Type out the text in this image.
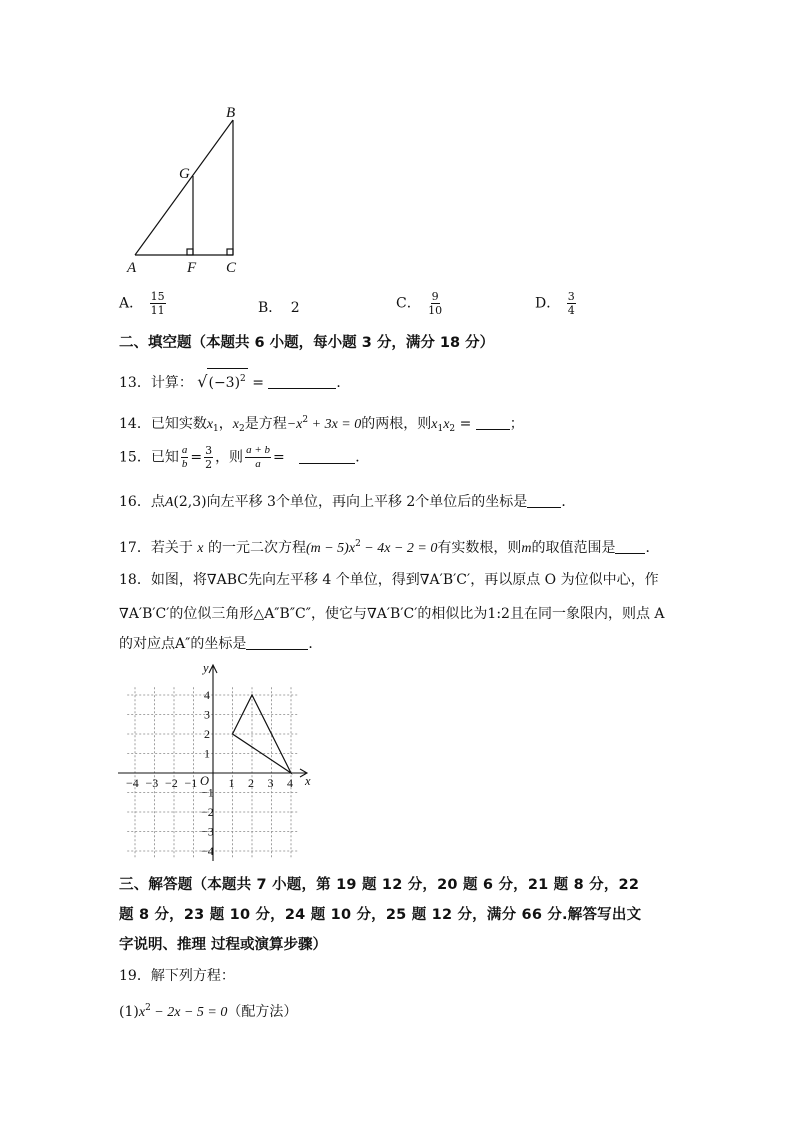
B
G
A	F C
A． $\frac{15}{11}$	B． 2	C． $\frac{9}{10}$	D． $\frac{3}{4}$
二、填空题（本题共 6 小题，每小题 3 分，满分 18 分）
13．计算： $√(-3)^2$ =	．
14．已知实数$x_1$，$x_2$是方程$-x^2 + 3x = 0$的两根，则$x_1x_2$ =	；
15．已知 $\frac{a}{b} = \frac{3}{2}$ ，则 $\frac{a + b}{a}$ =	．
16．点A(2,3)向左平移 3个单位，再向上平移 2个单位后的坐标是 ．
17．若关于 x 的一元二次方程$(m - 5)x^2 - 4x - 2 = 0$有实数根，则m的取值范围是 ．
18．如图，将∇ABC先向左平移 4 个单位，得到∇A′B′C′，再以原点 O 为位似中心，作
∇A′B′C′的位似三角形△A″B″C″，使它与∇A′B′C′的相似比为1:2且在同一象限内，则点 A
的对应点A″的坐标是	．
x
y
O
−4 −3 −2 −1	1 2 3 4
4
3
2
1
−1
−2
−3
−4
三、解答题（本题共 7 小题，第 19 题 12 分，20 题 6 分，21 题 8 分，22
题 8 分，23 题 10 分，24 题 10 分，25 题 12 分，满分 66 分.解答写出文
字说明、推理 过程或演算步骤）
19．解下列方程：
$(1)x^2 - 2x - 5 = 0$（配方法）
